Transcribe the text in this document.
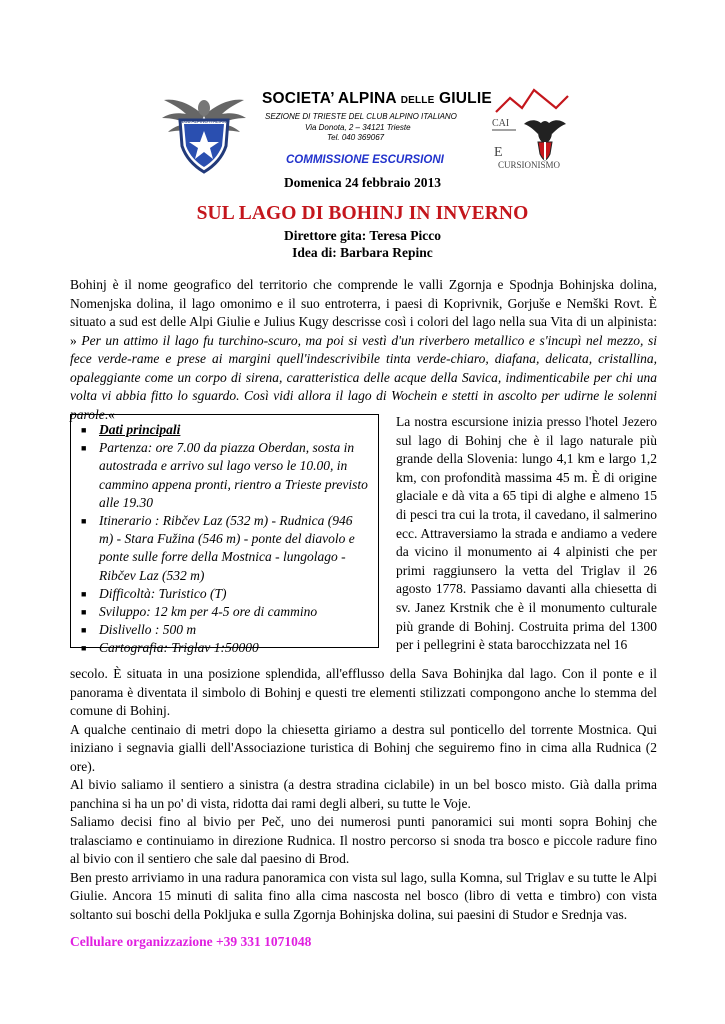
CLUB ALPINO ITALIANO
SOCIETA’ ALPINA DELLE GIULIE
SEZIONE DI TRIESTE DEL CLUB ALPINO ITALIANO
Via Donota, 2 – 34121 Trieste
Tel. 040 369067
COMMISSIONE ESCURSIONI
CAI
E
CURSIONISMO
Domenica 24 febbraio 2013
SUL LAGO DI BOHINJ IN INVERNO
Direttore gita: Teresa Picco
Idea di: Barbara Repinc
Bohinj è il nome geografico del territorio che comprende le valli Zgornja e Spodnja Bohinjska dolina, Nomenjska dolina, il lago omonimo e il suo entroterra, i paesi di Koprivnik, Gorjuše e Nemški Rovt. È situato a sud est delle Alpi Giulie e Julius Kugy descrisse così i colori del lago nella sua Vita di un alpinista: » Per un attimo il lago fu turchino-scuro, ma poi si vestì d'un riverbero metallico e s'incupì nel mezzo, si fece verde-rame e prese ai margini quell'indescrivibile tinta verde-chiaro, diafana, delicata, cristallina, opaleggiante come un corpo di sirena, caratteristica delle acque della Savica, indimenticabile per chi una volta vi abbia fitto lo sguardo. Così vidi allora il lago di Wochein e stetti in ascolto per udirne le solenni parole.«
■ Dati principali
■ Partenza: ore 7.00 da piazza Oberdan, sosta in autostrada e arrivo sul lago verso le 10.00, in cammino appena pronti, rientro a Trieste previsto alle 19.30
■ Itinerario : Ribčev Laz (532 m) - Rudnica (946 m) - Stara Fužina (546 m) - ponte del diavolo e ponte sulle forre della Mostnica - lungolago - Ribčev Laz (532 m)
■ Difficoltà: Turistico (T)
■ Sviluppo: 12 km per 4-5 ore di cammino
■ Dislivello : 500 m
■ Cartografia: Triglav 1:50000
La nostra escursione inizia presso l'hotel Jezero sul lago di Bohinj che è il lago naturale più grande della Slovenia: lungo 4,1 km e largo 1,2 km, con profondità massima 45 m. È di origine glaciale e dà vita a 65 tipi di alghe e almeno 15 di pesci tra cui la trota, il cavedano, il salmerino ecc. Attraversiamo la strada e andiamo a vedere da vicino il monumento ai 4 alpinisti che per primi raggiunsero la vetta del Triglav il 26 agosto 1778. Passiamo davanti alla chiesetta di sv. Janez Krstnik che è il monumento culturale più grande di Bohinj. Costruita prima del 1300 per i pellegrini è stata barocchizzata nel 16
secolo. È situata in una posizione splendida, all'efflusso della Sava Bohinjka dal lago. Con il ponte e il panorama è diventata il simbolo di Bohinj e questi tre elementi stilizzati compongono anche lo stemma del comune di Bohinj.
A qualche centinaio di metri dopo la chiesetta giriamo a destra sul ponticello del torrente Mostnica. Qui iniziano i segnavia gialli dell'Associazione turistica di Bohinj che seguiremo fino in cima alla Rudnica (2 ore).
Al bivio saliamo il sentiero a sinistra (a destra stradina ciclabile) in un bel bosco misto. Già dalla prima panchina si ha un po' di vista, ridotta dai rami degli alberi, su tutte le Voje.
Saliamo decisi fino al bivio per Peč, uno dei numerosi punti panoramici sui monti sopra Bohinj che tralasciamo e continuiamo in direzione Rudnica. Il nostro percorso si snoda tra bosco e piccole radure fino al bivio con il sentiero che sale dal paesino di Brod.
Ben presto arriviamo in una radura panoramica con vista sul lago, sulla Komna, sul Triglav e su tutte le Alpi Giulie. Ancora 15 minuti di salita fino alla cima nascosta nel bosco (libro di vetta e timbro) con vista soltanto sui boschi della Pokljuka e sulla Zgornja Bohinjska dolina, sui paesini di Studor e Srednja vas.
Cellulare organizzazione +39 331 1071048
